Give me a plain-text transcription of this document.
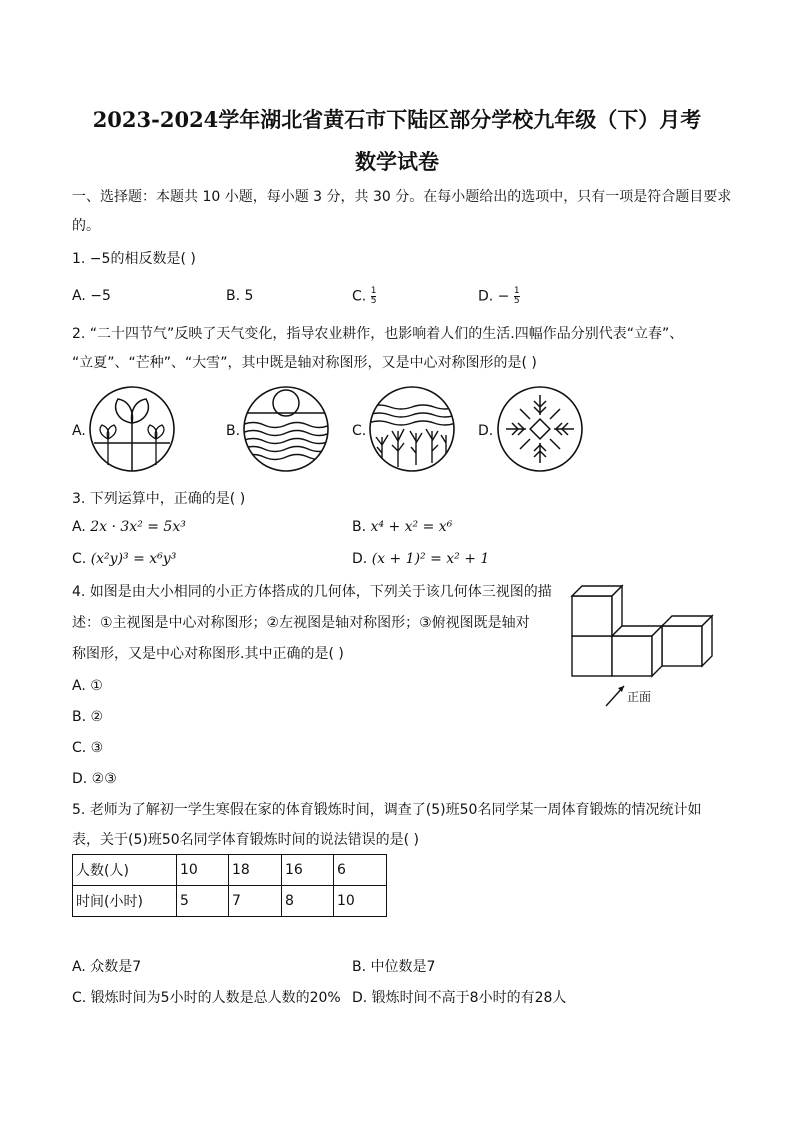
2023-2024学年湖北省黄石市下陆区部分学校九年级（下）月考
数学试卷
一、选择题：本题共 10 小题，每小题 3 分，共 30 分。在每小题给出的选项中，只有一项是符合题目要求
的。
1. −5的相反数是( )
A. −5	B. 5	C. $\frac{1}{5}$	D. − $\frac{1}{5}$
2. “二十四节气”反映了天气变化，指导农业耕作，也影响着人们的生活.四幅作品分别代表“立春”、
“立夏”、“芒种”、“大雪”，其中既是轴对称图形，又是中心对称图形的是( )
A.	B.	C.	D.
3. 下列运算中，正确的是( )
A. 2x · 3x² = 5x³	B. x⁴ + x² = x⁶
C. (x²y)³ = x⁶y³	D. (x + 1)² = x² + 1
4. 如图是由大小相同的小正方体搭成的几何体，下列关于该几何体三视图的描
述：①主视图是中心对称图形；②左视图是轴对称图形；③俯视图既是轴对
称图形，又是中心对称图形.其中正确的是( )
A. ①
B. ②
C. ③
D. ②③
正面
5. 老师为了解初一学生寒假在家的体育锻炼时间，调查了(5)班50名同学某一周体育锻炼的情况统计如
表，关于(5)班50名同学体育锻炼时间的说法错误的是( )
人数(人)	10	18	16	6
时间(小时)	5	7	8	10
A. 众数是7	B. 中位数是7
C. 锻炼时间为5小时的人数是总人数的20% D. 锻炼时间不高于8小时的有28人
